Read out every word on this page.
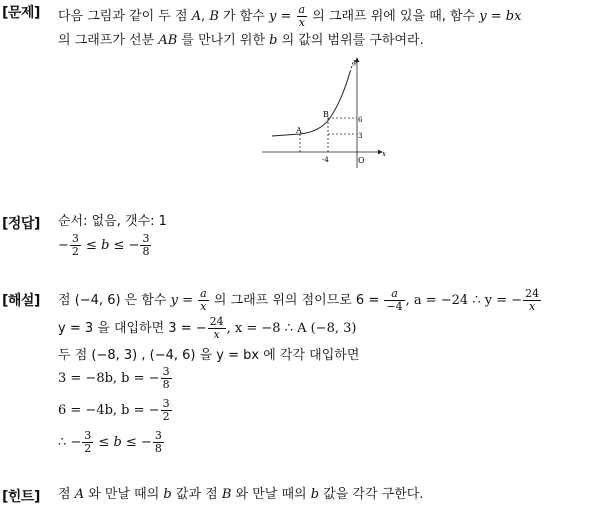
[문제]
[정답]
[해설]
[힌트]
다음 그림과 같이 두 점 A, B 가 함수 $y = \frac{a}{x}$ 의 그래프 위에 있을 때, 함수 y = bx
의 그래프가 선분 AB 를 만나기 위한 b 의 값의 범위를 구하여라.
y
x
O
A
B
6
3
-4
순서: 없음, 갯수: 1
− $\frac{3}{2} \le b$ ≤ − $\frac{3}{8}$
점 (−4, 6) 은 함수 $y = \frac{a}{x}$ 의 그래프 위의 점이므로 $6 = \frac{a}{-4}$ , a = −24 ∴ y = − $\frac{24}{x}$
y = 3 을 대입하면 3 = − $\frac{24}{x}$ , x = −8 ∴ A (−8, 3)
두 점 (−8, 3) , (−4, 6) 을 y = bx 에 각각 대입하면
3 = −8b, b = − $\frac{3}{8}$
6 = −4b, b = − $\frac{3}{2}$
∴ − $\frac{3}{2} \le b$ ≤ − $\frac{3}{8}$
점 A 와 만날 때의 b 값과 점 B 와 만날 때의 b 값을 각각 구한다.
